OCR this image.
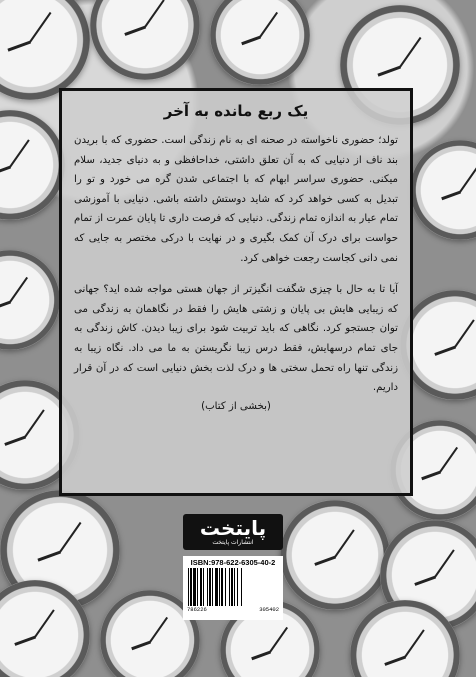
یک ربع مانده به آخر

تولد؛ حضوری ناخواسته در صحنه ای به نام زندگی است. حضوری که با بریدن بند ناف از دنیایی که به آن تعلق داشتی، خداحافظی و به دنیای جدید، سلام میکنی. حضوری سراسر ابهام که با اجتماعی شدن گره می خورد و تو را تبدیل به کسی خواهد کرد که شاید دوستش داشته باشی. دنیایی با آموزشی تمام عیار به اندازه تمام زندگی. دنیایی که فرصت داری تا پایان عمرت از تمام حواست برای درک آن کمک بگیری و در نهایت با درکی مختصر به جایی که نمی دانی کجاست رجعت خواهی کرد.

آیا تا به حال با چیزی شگفت انگیزتر از جهان هستی مواجه شده اید؟ جهانی که زیبایی هایش بی پایان و زشتی هایش را فقط در نگاهمان به زندگی می توان جستجو کرد. نگاهی که باید تربیت شود برای زیبا دیدن. کاش زندگی به جای تمام درسهایش، فقط درس زیبا نگریستن به ما می داد. نگاه زیبا به زندگی تنها راه تحمل سختی ها و درک لذت بخش دنیایی است که در آن قرار داریم.

(بخشی از کتاب)

پایتخت
انتشارات پایتخت
ISBN:978-622-6305-40-2
786226	305402
